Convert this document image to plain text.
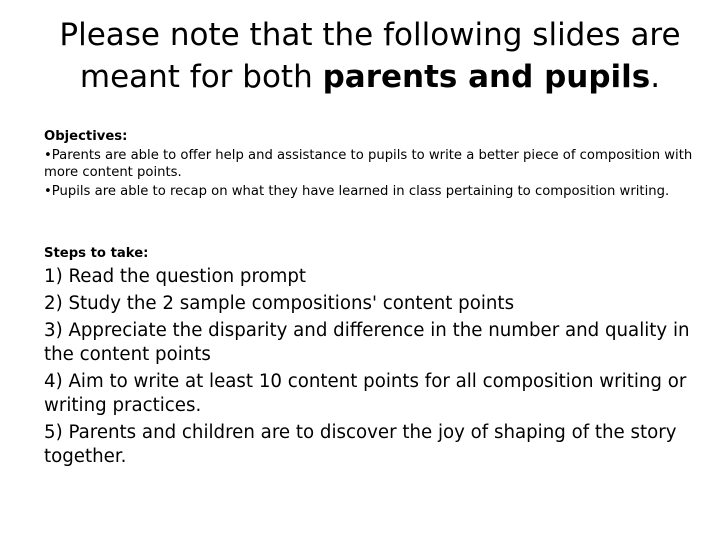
Please note that the following slides are
meant for both parents and pupils.
Objectives:
•Parents are able to offer help and assistance to pupils to write a better piece of composition with more content points.
•Pupils are able to recap on what they have learned in class pertaining to composition writing.
Steps to take:
1) Read the question prompt
2) Study the 2 sample compositions' content points
3) Appreciate the disparity and difference in the number and quality in the content points
4) Aim to write at least 10 content points for all composition writing or writing practices.
5) Parents and children are to discover the joy of shaping of the story together.
